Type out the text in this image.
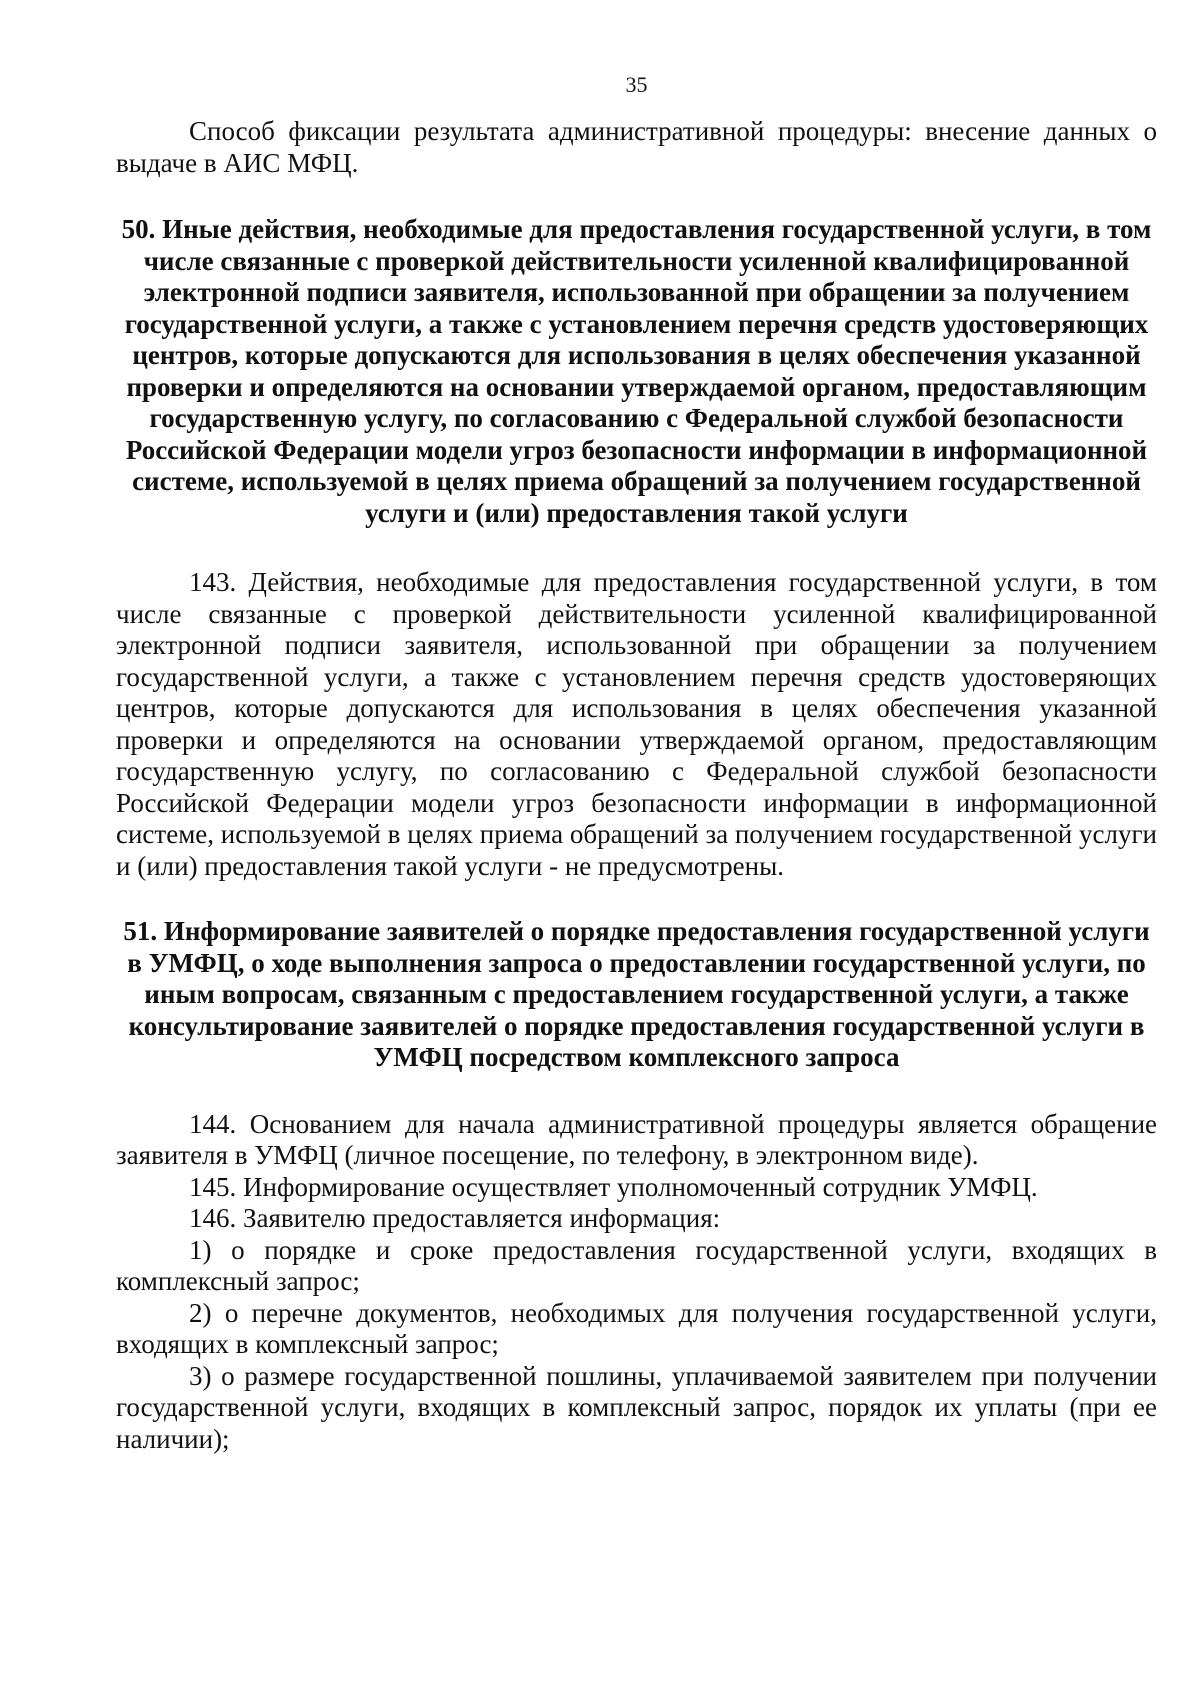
35

Способ фиксации результата административной процедуры: внесение данных о выдаче в АИС МФЦ.

50. Иные действия, необходимые для предоставления государственной услуги, в том числе связанные с проверкой действительности усиленной квалифицированной электронной подписи заявителя, использованной при обращении за получением государственной услуги, а также с установлением перечня средств удостоверяющих центров, которые допускаются для использования в целях обеспечения указанной проверки и определяются на основании утверждаемой органом, предоставляющим государственную услугу, по согласованию с Федеральной службой безопасности Российской Федерации модели угроз безопасности информации в информационной системе, используемой в целях приема обращений за получением государственной услуги и (или) предоставления такой услуги

143. Действия, необходимые для предоставления государственной услуги, в том числе связанные с проверкой действительности усиленной квалифицированной электронной подписи заявителя, использованной при обращении за получением государственной услуги, а также с установлением перечня средств удостоверяющих центров, которые допускаются для использования в целях обеспечения указанной проверки и определяются на основании утверждаемой органом, предоставляющим государственную услугу, по согласованию с Федеральной службой безопасности Российской Федерации модели угроз безопасности информации в информационной системе, используемой в целях приема обращений за получением государственной услуги и (или) предоставления такой услуги - не предусмотрены.

51. Информирование заявителей о порядке предоставления государственной услуги в УМФЦ, о ходе выполнения запроса о предоставлении государственной услуги, по иным вопросам, связанным с предоставлением государственной услуги, а также консультирование заявителей о порядке предоставления государственной услуги в УМФЦ посредством комплексного запроса

144. Основанием для начала административной процедуры является обращение заявителя в УМФЦ (личное посещение, по телефону, в электронном виде).

145. Информирование осуществляет уполномоченный сотрудник УМФЦ.

146. Заявителю предоставляется информация:

1) о порядке и сроке предоставления государственной услуги, входящих в комплексный запрос;

2) о перечне документов, необходимых для получения государственной услуги, входящих в комплексный запрос;

3) о размере государственной пошлины, уплачиваемой заявителем при получении государственной услуги, входящих в комплексный запрос, порядок их уплаты (при ее наличии);
